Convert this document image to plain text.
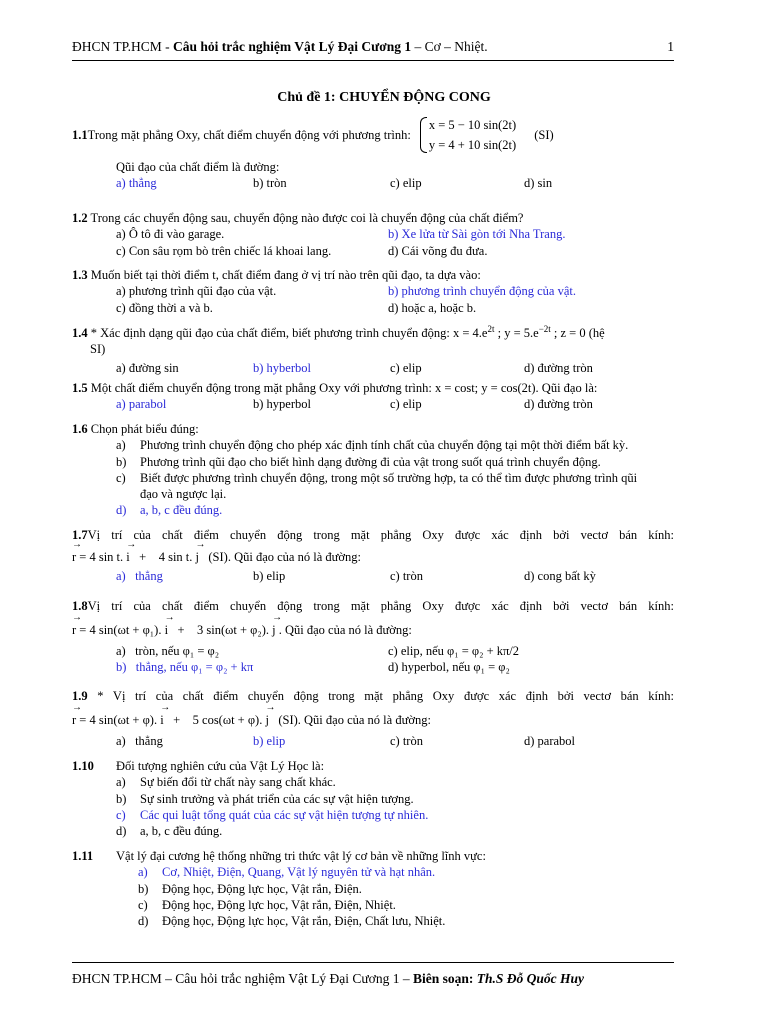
ĐHCN TP.HCM - Câu hỏi trắc nghiệm Vật Lý Đại Cương 1 – Cơ – Nhiệt.	1
Chủ đề 1: CHUYỂN ĐỘNG CONG
1.1 Trong mặt phẳng Oxy, chất điểm chuyển động với phương trình:
x = 5 − 10 sin(2t)
y = 4 + 10 sin(2t)
(SI)
Qũi đạo của chất điểm là đường:
a) thẳng	b) tròn	c) elip	d) sin
1.2 Trong các chuyển động sau, chuyển động nào được coi là chuyển động của chất điểm?
a) Ô tô đi vào garage.	b) Xe lửa từ Sài gòn tới Nha Trang.
c) Con sâu rọm bò trên chiếc lá khoai lang.	d) Cái võng đu đưa.
1.3 Muốn biết tại thời điểm t, chất điểm đang ở vị trí nào trên qũi đạo, ta dựa vào:
a) phương trình qũi đạo của vật.	b) phương trình chuyển động của vật.
c) đồng thời a và b.	d) hoặc a, hoặc b.
1.4 * Xác định dạng qũi đạo của chất điểm, biết phương trình chuyển động: $x = 4.e^{2t}$ ; $y = 5.e^{-2t}$ ; z = 0 (hệ
SI)
a) đường sin	b) hyberbol	c) elip	d) đường tròn
1.5 Một chất điểm chuyển động trong mặt phẳng Oxy với phương trình: x = cost; y = cos(2t). Qũi đạo là:
a) parabol	b) hyperbol	c) elip	d) đường tròn
1.6 Chọn phát biểu đúng:
a)	Phương trình chuyển động cho phép xác định tính chất của chuyển động tại một thời điểm bất kỳ.
b)	Phương trình qũi đạo cho biết hình dạng đường đi của vật trong suốt quá trình chuyển động.
c)	Biết được phương trình chuyển động, trong một số trường hợp, ta có thể tìm được phương trình qũi
đạo và ngược lại.
d)	a, b, c đều đúng.
1.7Vị trí của chất điểm chuyển động trong mặt phẳng Oxy được xác định bởi vectơ bán kính:
→ r = 4 sin t. → i   +    4 sin t. → j   (SI). Qũi đạo của nó là đường:
a)   thẳng	b) elip	c) tròn	d) cong bất kỳ
1.8Vị trí của chất điểm chuyển động trong mặt phẳng Oxy được xác định bởi vectơ bán kính:
→ r = 4 sin(ωt + φ₁). → i   +    3 sin(ωt + φ₂). → j . Qũi đạo của nó là đường:
a)   tròn, nếu φ₁ = φ₂	c) elip, nếu φ₁ = φ₂ + kπ/2
b)   thẳng, nếu φ₁ = φ₂ + kπ	d) hyperbol, nếu φ₁ = φ₂
1.9 * Vị trí của chất điểm chuyển động trong mặt phẳng Oxy được xác định bởi vectơ bán kính:
→ r = 4 sin(ωt + φ). → i   +    5 cos(ωt + φ). → j   (SI). Qũi đạo của nó là đường:
a)   thẳng	b) elip	c) tròn	d) parabol
1.10	Đối tượng nghiên cứu của Vật Lý Học là:
a)	Sự biến đổi từ chất này sang chất khác.
b)	Sự sinh trưởng và phát triển của các sự vật hiện tượng.
c)	Các qui luật tổng quát của các sự vật hiện tượng tự nhiên.
d)	a, b, c đều đúng.
1.11	Vật lý đại cương hệ thống những tri thức vật lý cơ bản về những lĩnh vực:
a)	Cơ, Nhiệt, Điện, Quang, Vật lý nguyên tử và hạt nhân.
b)	Động học, Động lực học, Vật rắn, Điện.
c)	Động học, Động lực học, Vật rắn, Điện, Nhiệt.
d)	Động học, Động lực học, Vật rắn, Điện, Chất lưu, Nhiệt.
ĐHCN TP.HCM – Câu hỏi trắc nghiệm Vật Lý Đại Cương 1 – Biên soạn: Th.S Đỗ Quốc Huy
